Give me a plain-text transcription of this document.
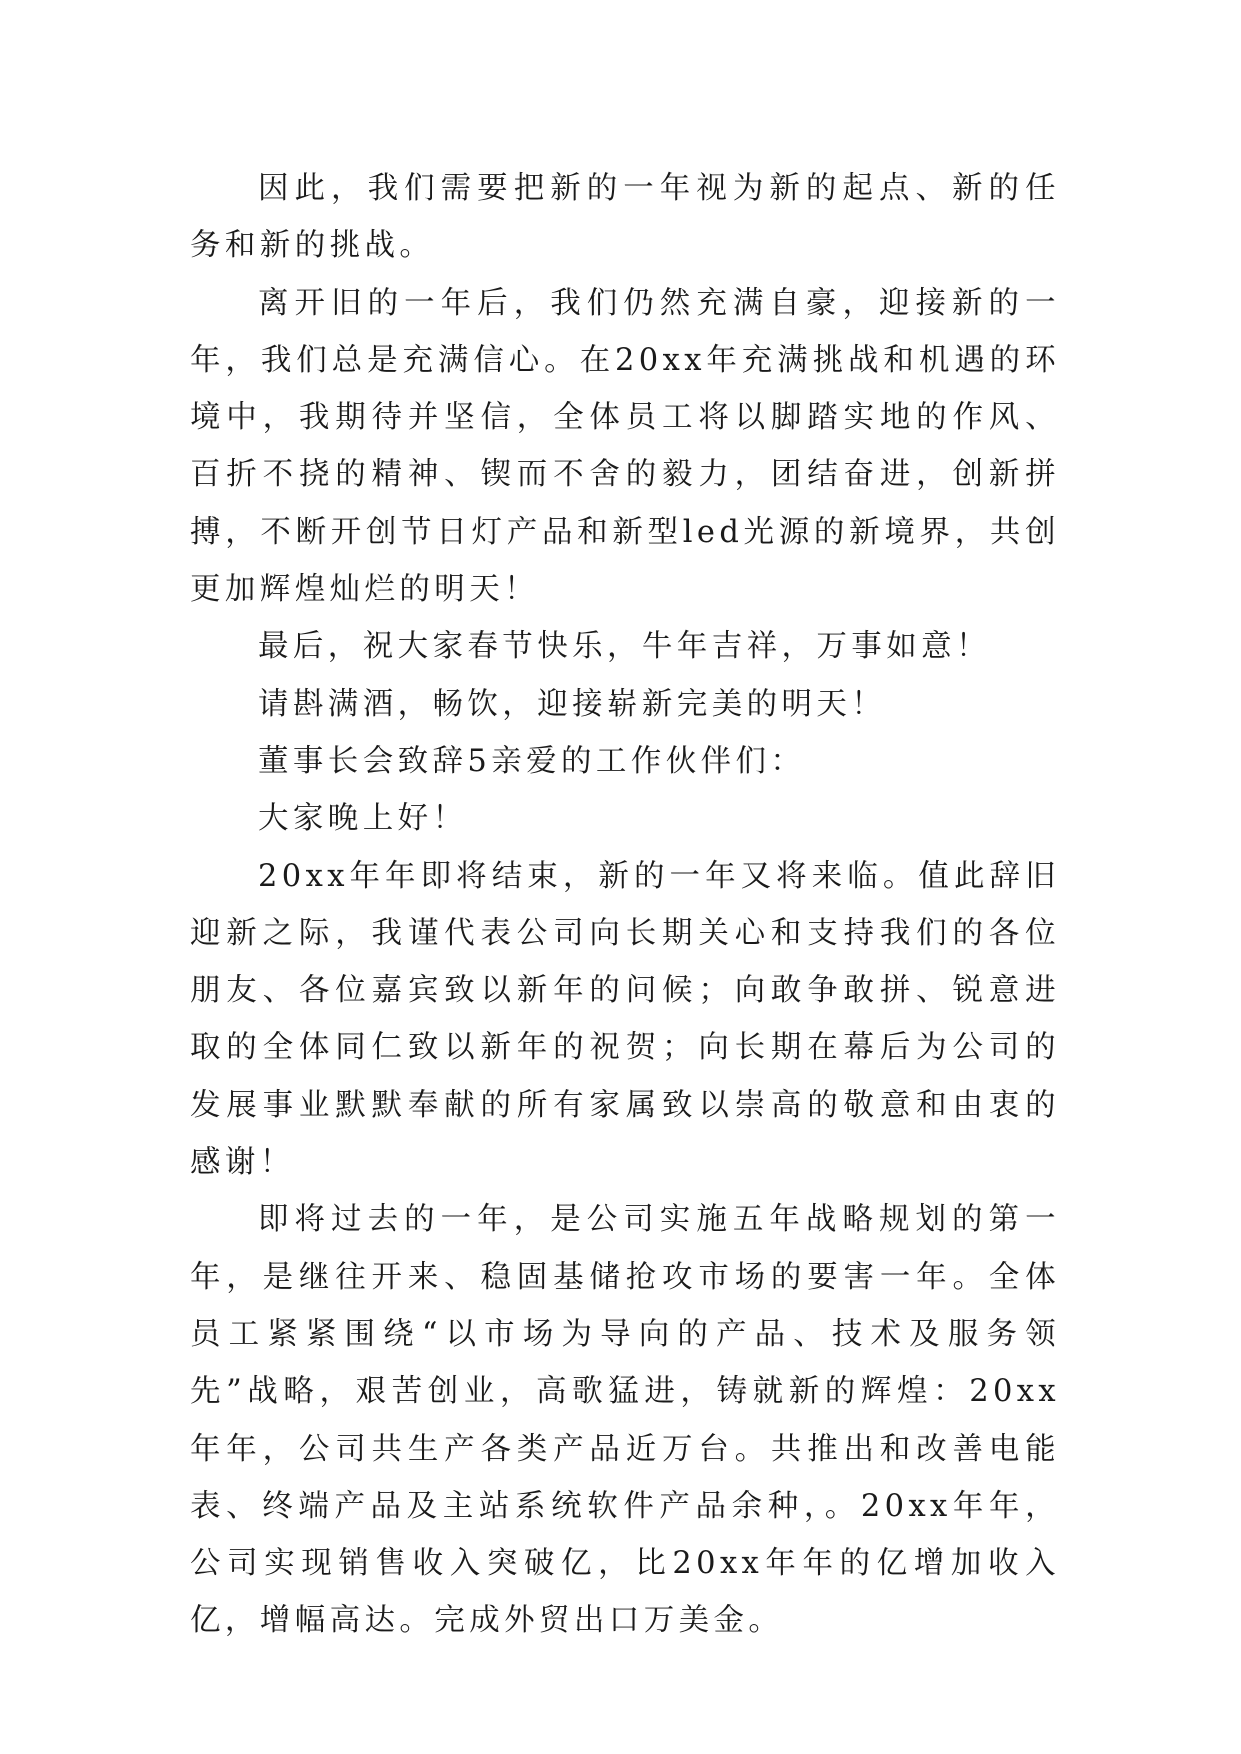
因此，我们需要把新的一年视为新的起点、新的任务和新的挑战。

离开旧的一年后，我们仍然充满自豪，迎接新的一年，我们总是充满信心。在20xx年充满挑战和机遇的环境中，我期待并坚信，全体员工将以脚踏实地的作风、百折不挠的精神、锲而不舍的毅力，团结奋进，创新拼搏，不断开创节日灯产品和新型led光源的新境界，共创更加辉煌灿烂的明天！

最后，祝大家春节快乐，牛年吉祥，万事如意！

请斟满酒，畅饮，迎接崭新完美的明天！

董事长会致辞5亲爱的工作伙伴们：

大家晚上好！

20xx年年即将结束，新的一年又将来临。值此辞旧迎新之际，我谨代表公司向长期关心和支持我们的各位朋友、各位嘉宾致以新年的问候；向敢争敢拼、锐意进取的全体同仁致以新年的祝贺；向长期在幕后为公司的发展事业默默奉献的所有家属致以崇高的敬意和由衷的感谢！

即将过去的一年，是公司实施五年战略规划的第一年，是继往开来、稳固基储抢攻市场的要害一年。全体员工紧紧围绕“以市场为导向的产品、技术及服务领先”战略，艰苦创业，高歌猛进，铸就新的辉煌：20xx年年，公司共生产各类产品近万台。共推出和改善电能表、终端产品及主站系统软件产品余种，。20xx年年，公司实现销售收入突破亿，比20xx年年的亿增加收入亿，增幅高达。完成外贸出口万美金。
